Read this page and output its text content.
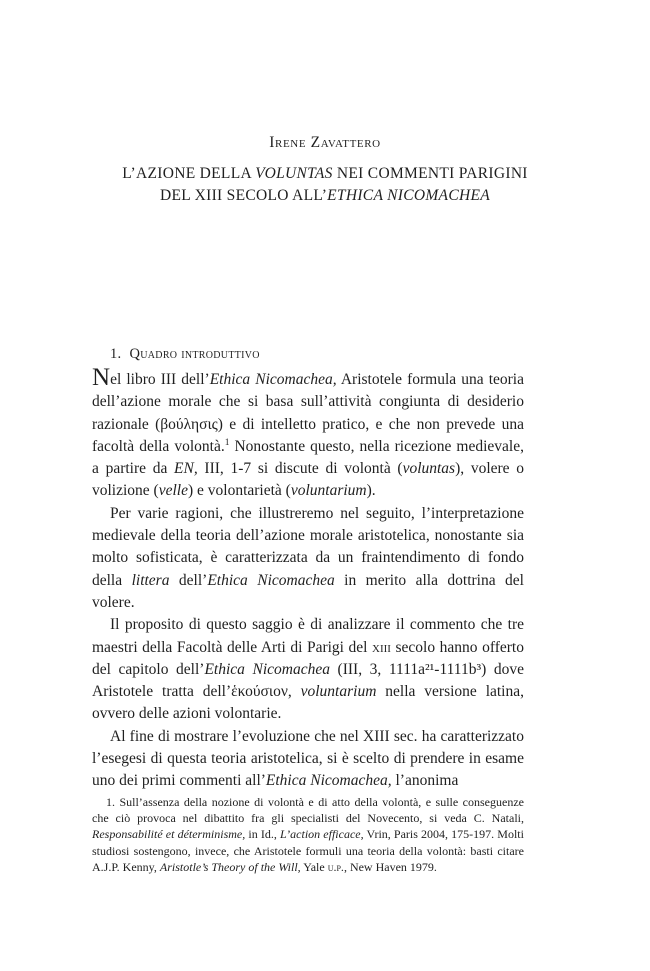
Irene Zavattero
L’AZIONE DELLA VOLUNTAS NEI COMMENTI PARIGINI
DEL XIII SECOLO ALL’ETHICA NICOMACHEA
1. Quadro introduttivo

Nel libro III dell’Ethica Nicomachea, Aristotele formula una teoria dell’azione morale che si basa sull’attività congiunta di desiderio razionale (βούλησις) e di intelletto pratico, e che non prevede una facoltà della volontà.$^1$ Nonostante questo, nella ricezione medievale, a partire da EN, III, 1-7 si discute di volontà (voluntas), volere o volizione (velle) e volontarietà (voluntarium).

Per varie ragioni, che illustreremo nel seguito, l’interpretazione medievale della teoria dell’azione morale aristotelica, nonostante sia molto sofisticata, è caratterizzata da un fraintendimento di fondo della littera dell’Ethica Nicomachea in merito alla dottrina del volere.

Il proposito di questo saggio è di analizzare il commento che tre maestri della Facoltà delle Arti di Parigi del xiii secolo hanno offerto del capitolo dell’Ethica Nicomachea (III, 3, 1111a²¹-1111b³) dove Aristotele tratta dell’ἑκούσιον, voluntarium nella versione latina, ovvero delle azioni volontarie.

Al fine di mostrare l’evoluzione che nel XIII sec. ha caratterizzato l’esegesi di questa teoria aristotelica, si è scelto di prendere in esame uno dei primi commenti all’Ethica Nicomachea, l’anonima

1. Sull’assenza della nozione di volontà e di atto della volontà, e sulle conseguenze che ciò provoca nel dibattito fra gli specialisti del Novecento, si veda C. Natali, Responsabilité et déterminisme, in Id., L’action efficace, Vrin, Paris 2004, 175-197. Molti studiosi sostengono, invece, che Aristotele formuli una teoria della volontà: basti citare A.J.P. Kenny, Aristotle’s Theory of the Will, Yale u.p., New Haven 1979.
